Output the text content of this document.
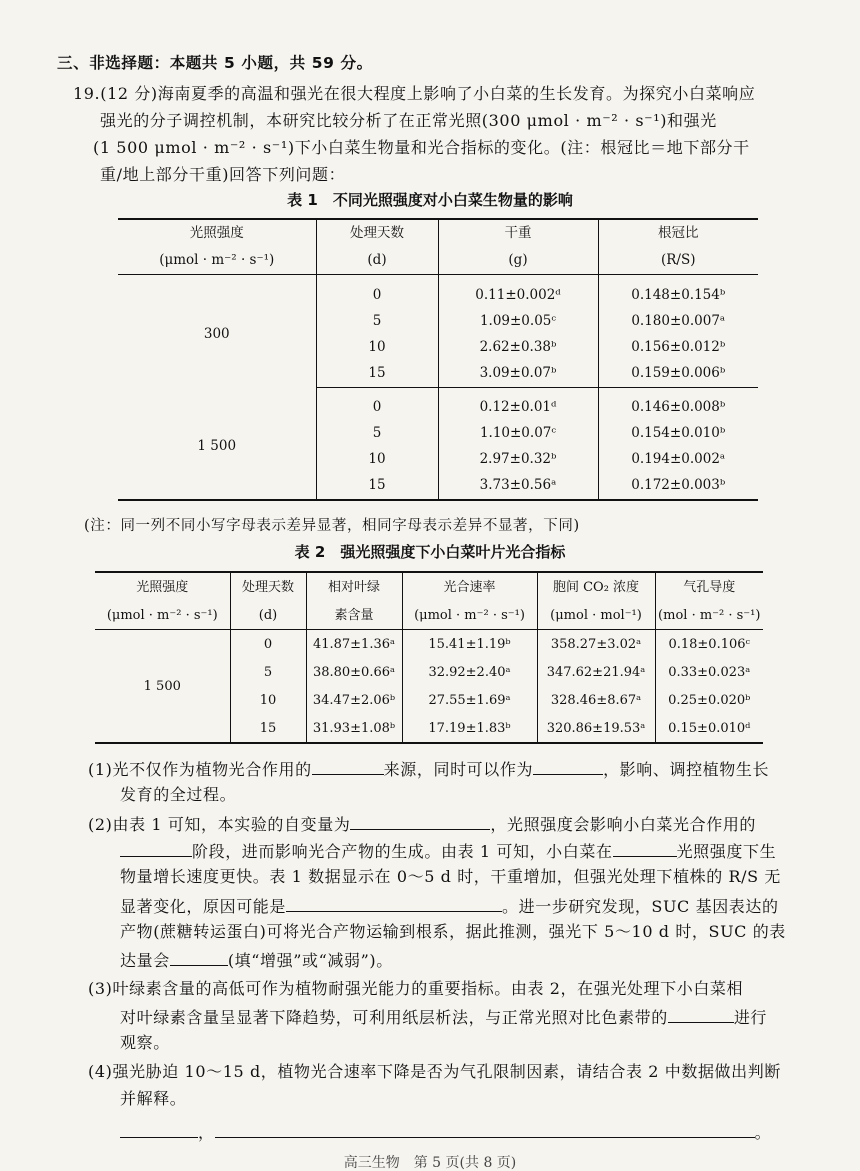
三、非选择题：本题共 5 小题，共 59 分。
19.(12 分)海南夏季的高温和强光在很大程度上影响了小白菜的生长发育。为探究小白菜响应
强光的分子调控机制，本研究比较分析了在正常光照(300 μmol · m⁻² · s⁻¹)和强光
(1 500 μmol · m⁻² · s⁻¹)下小白菜生物量和光合指标的变化。(注：根冠比＝地下部分干
重/地上部分干重)回答下列问题：
表 1　不同光照强度对小白菜生物量的影响
光照强度	处理天数	干重	根冠比
(μmol · m⁻² · s⁻¹)	(d)	(g)	(R/S)

300	0	0.11±0.002ᵈ	0.148±0.154ᵇ
	5	1.09±0.05ᶜ	0.180±0.007ᵃ
	10	2.62±0.38ᵇ	0.156±0.012ᵇ
	15	3.09±0.07ᵇ	0.159±0.006ᵇ

1 500	0	0.12±0.01ᵈ	0.146±0.008ᵇ
	5	1.10±0.07ᶜ	0.154±0.010ᵇ
	10	2.97±0.32ᵇ	0.194±0.002ᵃ
	15	3.73±0.56ᵃ	0.172±0.003ᵇ
(注：同一列不同小写字母表示差异显著，相同字母表示差异不显著，下同)
表 2　强光照强度下小白菜叶片光合指标
光照强度	处理天数	相对叶绿	光合速率	胞间 CO₂ 浓度	气孔导度
(μmol · m⁻² · s⁻¹)	(d)	素含量	(μmol · m⁻² · s⁻¹)	(μmol · mol⁻¹)	(mol · m⁻² · s⁻¹)
1 500	0	41.87±1.36ᵃ	15.41±1.19ᵇ	358.27±3.02ᵃ	0.18±0.106ᶜ
	5	38.80±0.66ᵃ	32.92±2.40ᵃ	347.62±21.94ᵃ	0.33±0.023ᵃ
	10	34.47±2.06ᵇ	27.55±1.69ᵃ	328.46±8.67ᵃ	0.25±0.020ᵇ
	15	31.93±1.08ᵇ	17.19±1.83ᵇ	320.86±19.53ᵃ	0.15±0.010ᵈ
(1)光不仅作为植物光合作用的	来源，同时可以作为	，影响、调控植物生长
发育的全过程。
(2)由表 1 可知，本实验的自变量为	，光照强度会影响小白菜光合作用的
阶段，进而影响光合产物的生成。由表 1 可知，小白菜在	光照强度下生
物量增长速度更快。表 1 数据显示在 0～5 d 时，干重增加，但强光处理下植株的 R/S 无
显著变化，原因可能是	。进一步研究发现，SUC 基因表达的
产物(蔗糖转运蛋白)可将光合产物运输到根系，据此推测，强光下 5～10 d 时，SUC 的表
达量会	(填“增强”或“减弱”)。
(3)叶绿素含量的高低可作为植物耐强光能力的重要指标。由表 2，在强光处理下小白菜相
对叶绿素含量呈显著下降趋势，可利用纸层析法，与正常光照对比色素带的	进行
观察。
(4)强光胁迫 10～15 d，植物光合速率下降是否为气孔限制因素，请结合表 2 中数据做出判断
并解释。
，	。
高三生物　第 5 页(共 8 页)
